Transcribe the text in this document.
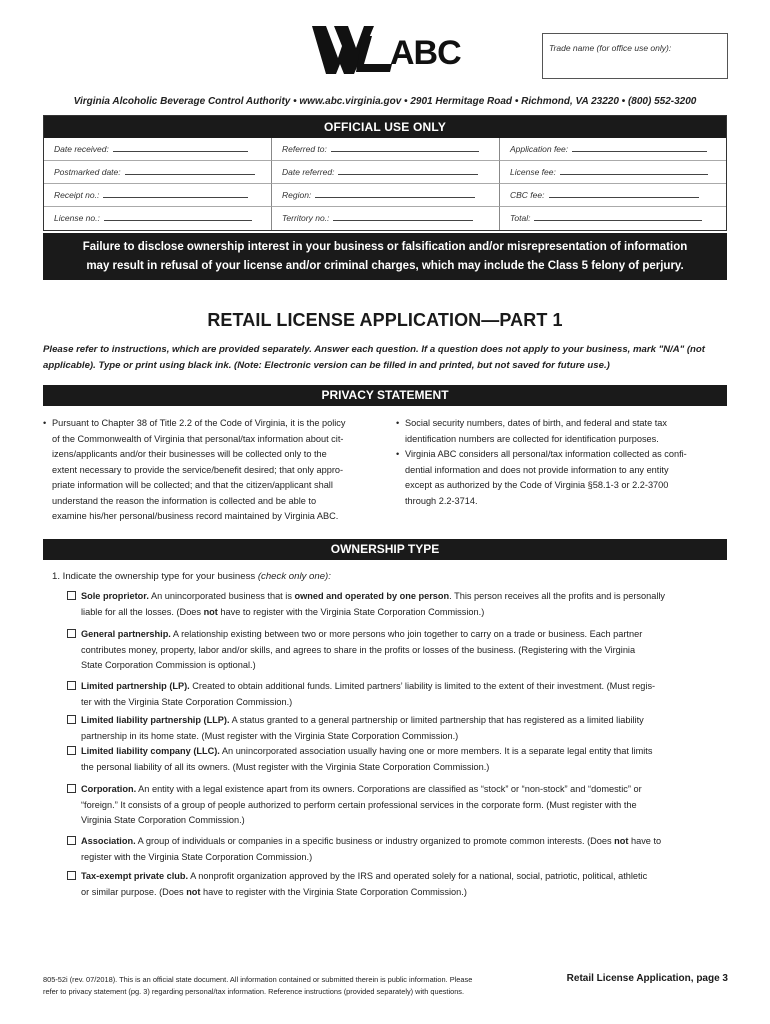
ABC	Trade name (for office use only):
Virginia Alcoholic Beverage Control Authority • www.abc.virginia.gov • 2901 Hermitage Road • Richmond, VA 23220 • (800) 552-3200
OFFICIAL USE ONLY
Date received:	Referred to:	Application fee:
Postmarked date:	Date referred:	License fee:
Receipt no.:	Region:	CBC fee:
License no.:	Territory no.:	Total:
Failure to disclose ownership interest in your business or falsification and/or misrepresentation of information
may result in refusal of your license and/or criminal charges, which may include the Class 5 felony of perjury.
RETAIL LICENSE APPLICATION—PART 1
Please refer to instructions, which are provided separately. Answer each question. If a question does not apply to your business, mark "N/A" (not
applicable). Type or print using black ink. (Note: Electronic version can be filled in and printed, but not saved for future use.)
PRIVACY STATEMENT
• Pursuant to Chapter 38 of Title 2.2 of the Code of Virginia, it is the policy
of the Commonwealth of Virginia that personal/tax information about cit-
izens/applicants and/or their businesses will be collected only to the
extent necessary to provide the service/benefit desired; that only appro-
priate information will be collected; and that the citizen/applicant shall
understand the reason the information is collected and be able to
examine his/her personal/business record maintained by Virginia ABC.
• Social security numbers, dates of birth, and federal and state tax
identification numbers are collected for identification purposes.
• Virginia ABC considers all personal/tax information collected as confi-
dential information and does not provide information to any entity
except as authorized by the Code of Virginia §58.1-3 or 2.2-3700
through 2.2-3714.
OWNERSHIP TYPE
1. Indicate the ownership type for your business (check only one):
Sole proprietor. An unincorporated business that is owned and operated by one person. This person receives all the profits and is personally
liable for all the losses. (Does not have to register with the Virginia State Corporation Commission.)
General partnership. A relationship existing between two or more persons who join together to carry on a trade or business. Each partner
contributes money, property, labor and/or skills, and agrees to share in the profits or losses of the business. (Registering with the Virginia
State Corporation Commission is optional.)
Limited partnership (LP). Created to obtain additional funds. Limited partners’ liability is limited to the extent of their investment. (Must regis-
ter with the Virginia State Corporation Commission.)
Limited liability partnership (LLP). A status granted to a general partnership or limited partnership that has registered as a limited liability
partnership in its home state. (Must register with the Virginia State Corporation Commission.)
Limited liability company (LLC). An unincorporated association usually having one or more members. It is a separate legal entity that limits
the personal liability of all its owners. (Must register with the Virginia State Corporation Commission.)
Corporation. An entity with a legal existence apart from its owners. Corporations are classified as “stock” or “non-stock” and “domestic” or
“foreign.” It consists of a group of people authorized to perform certain professional services in the corporate form. (Must register with the
Virginia State Corporation Commission.)
Association. A group of individuals or companies in a specific business or industry organized to promote common interests. (Does not have to
register with the Virginia State Corporation Commission.)
Tax-exempt private club. A nonprofit organization approved by the IRS and operated solely for a national, social, patriotic, political, athletic
or similar purpose. (Does not have to register with the Virginia State Corporation Commission.)
805-52i (rev. 07/2018). This is an official state document. All information contained or submitted therein is public information. Please
refer to privacy statement (pg. 3) regarding personal/tax information. Reference instructions (provided separately) with questions.
Retail License Application, page 3
